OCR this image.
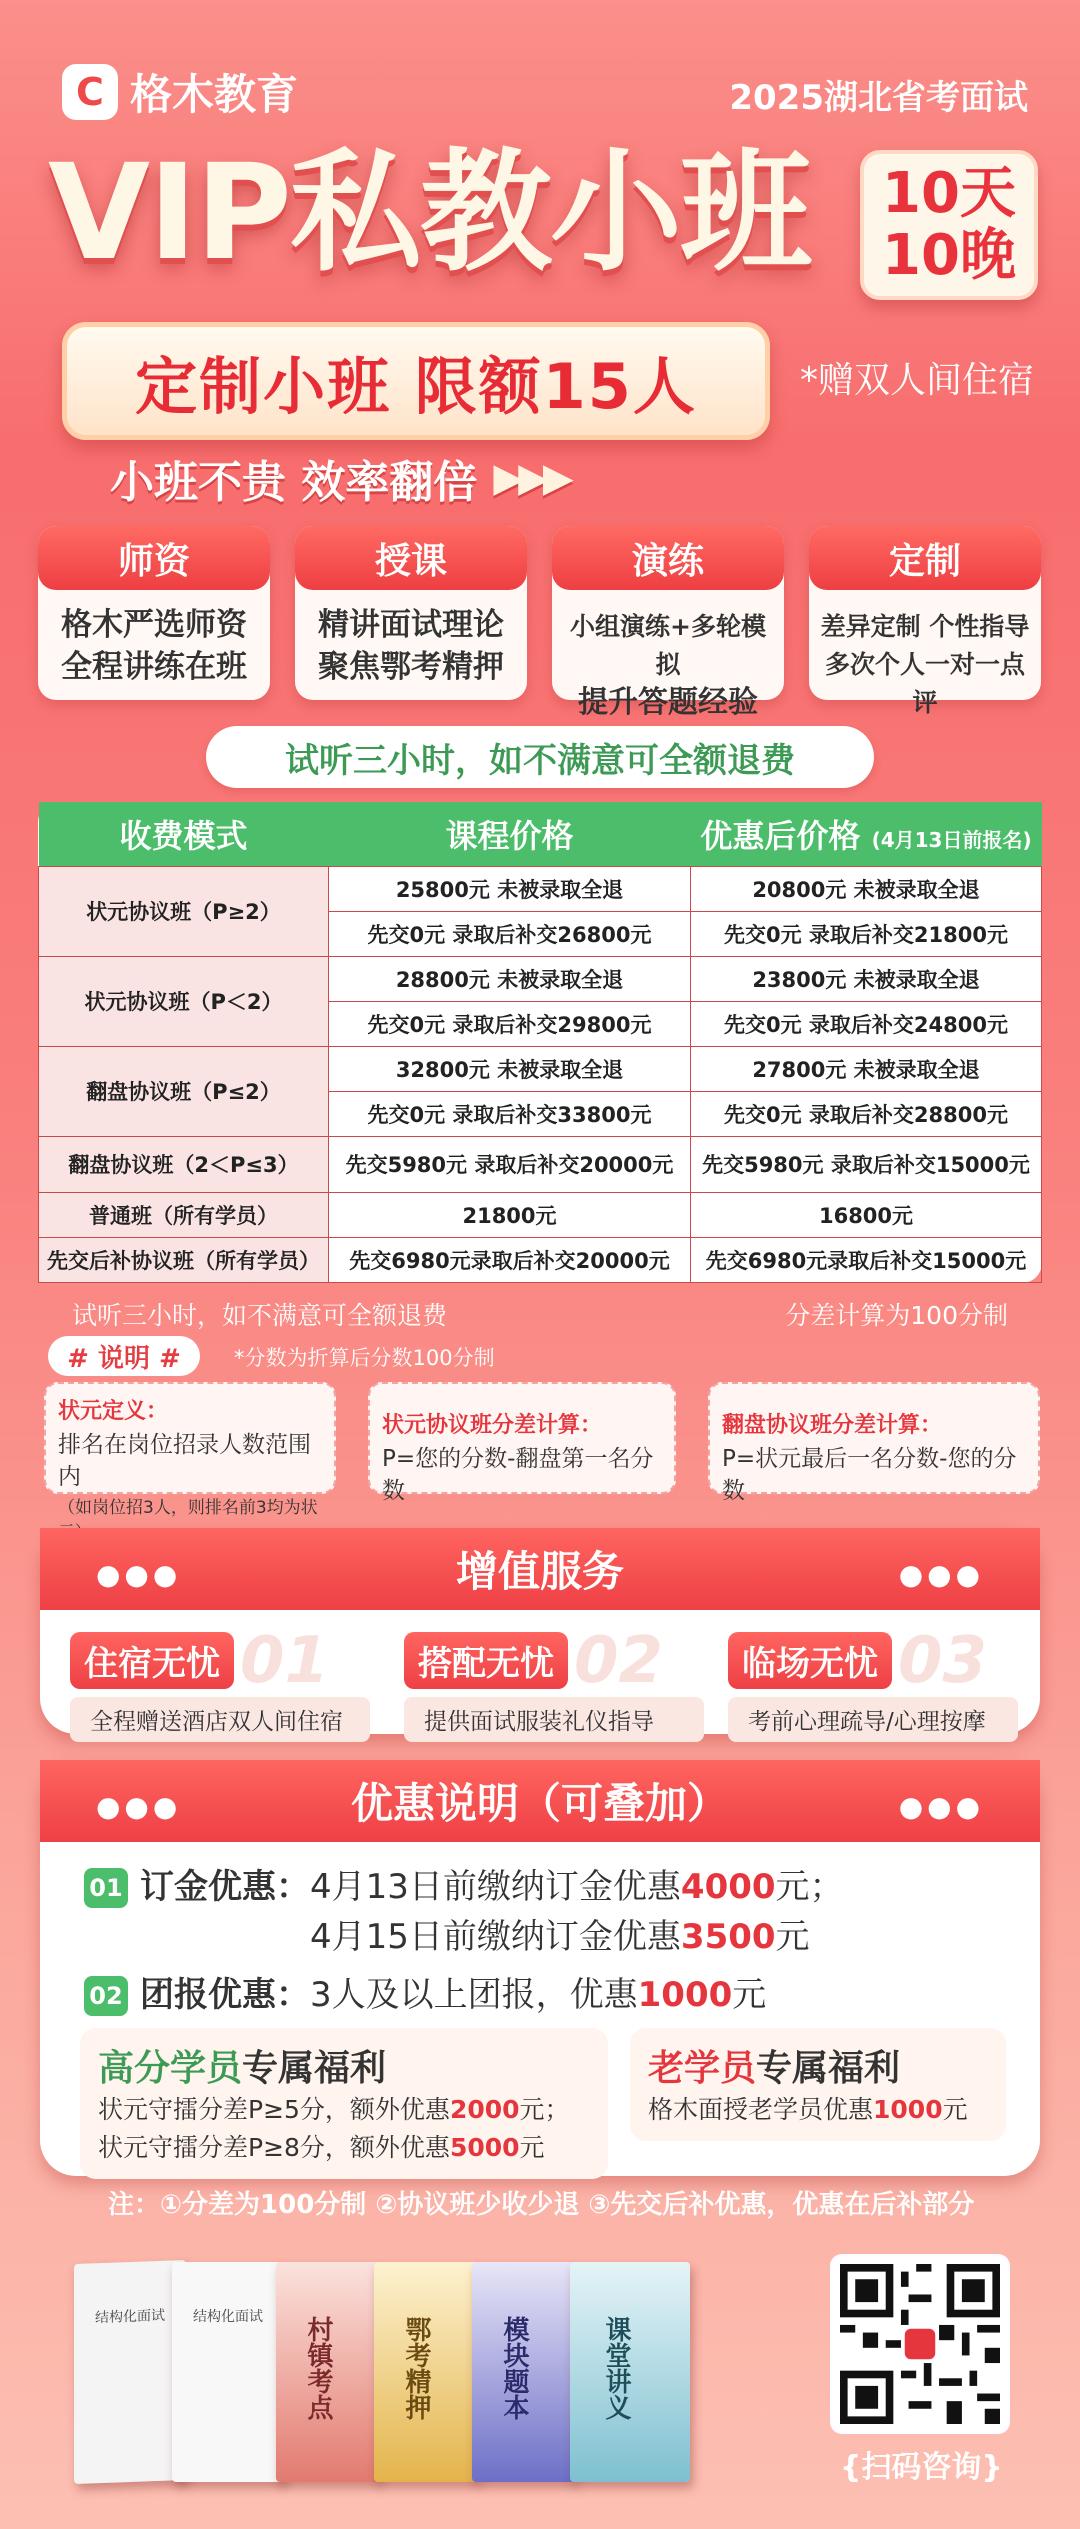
C 格木教育	2025湖北省考面试
VIP私教小班 10天
10晚
定制小班 限额15人	*赠双人间住宿
小班不贵 效率翻倍 ▶▶▶
师资
格木严选师资
全程讲练在班
授课
精讲面试理论
聚焦鄂考精押
演练
小组演练+多轮模拟
提升答题经验
定制
差异定制 个性指导
多次个人一对一点评
试听三小时，如不满意可全额退费
收费模式	课程价格	优惠后价格 (4月13日前报名)
状元协议班（P≥2）	25800元 未被录取全退	20800元 未被录取全退
	先交0元 录取后补交26800元	先交0元 录取后补交21800元
状元协议班（P＜2）	28800元 未被录取全退	23800元 未被录取全退
	先交0元 录取后补交29800元	先交0元 录取后补交24800元
翻盘协议班（P≤2）	32800元 未被录取全退	27800元 未被录取全退
	先交0元 录取后补交33800元	先交0元 录取后补交28800元
翻盘协议班（2＜P≤3）	先交5980元 录取后补交20000元	先交5980元 录取后补交15000元
普通班（所有学员）	21800元	16800元
先交后补协议班（所有学员）	先交6980元录取后补交20000元	先交6980元录取后补交15000元
试听三小时，如不满意可全额退费	分差计算为100分制
# 说明 #	*分数为折算后分数100分制
状元定义：
排名在岗位招录人数范围内
（如岗位招3人，则排名前3均为状
状元协议班分差计算：
P=您的分数-翻盘第一名分数
翻盘协议班分差计算：
P=状元最后一名分数-您的分数
●●●	增值服务	●●●
01
住宿无忧
全程赠送酒店双人间住宿
02
搭配无忧
提供面试服装礼仪指导
03
临场无忧
考前心理疏导/心理按摩
●●●	优惠说明（可叠加）	●●●
01 订金优惠： 4月13日前缴纳订金优惠4000元；
4月15日前缴纳订金优惠3500元
02 团报优惠： 3人及以上团报，优惠1000元
高分学员专属福利
状元守擂分差P≥5分，额外优惠2000元；
状元守擂分差P≥8分，额外优惠5000元
老学员专属福利
格木面授老学员优惠1000元
注：①分差为100分制 ②协议班少收少退 ③先交后补优惠，优惠在后补部分
结构化面试	结构化面试	村镇考点	鄂考精押	模块题本	课堂讲义
{扫码咨询}
